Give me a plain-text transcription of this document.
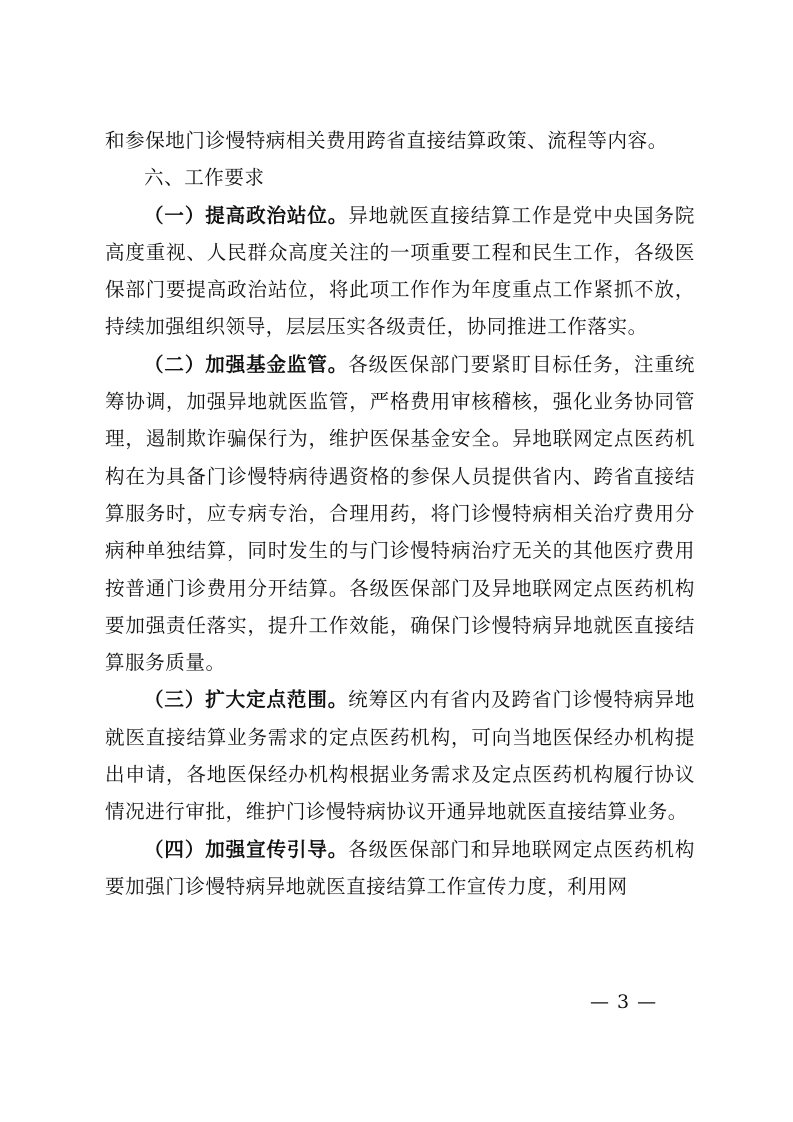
和参保地门诊慢特病相关费用跨省直接结算政策、流程等内容。

六、工作要求

（一）提高政治站位。异地就医直接结算工作是党中央国务院高度重视、人民群众高度关注的一项重要工程和民生工作，各级医保部门要提高政治站位，将此项工作作为年度重点工作紧抓不放，持续加强组织领导，层层压实各级责任，协同推进工作落实。

（二）加强基金监管。各级医保部门要紧盯目标任务，注重统筹协调，加强异地就医监管，严格费用审核稽核，强化业务协同管理，遏制欺诈骗保行为，维护医保基金安全。异地联网定点医药机构在为具备门诊慢特病待遇资格的参保人员提供省内、跨省直接结算服务时，应专病专治，合理用药，将门诊慢特病相关治疗费用分病种单独结算，同时发生的与门诊慢特病治疗无关的其他医疗费用按普通门诊费用分开结算。各级医保部门及异地联网定点医药机构要加强责任落实，提升工作效能，确保门诊慢特病异地就医直接结算服务质量。

（三）扩大定点范围。统筹区内有省内及跨省门诊慢特病异地就医直接结算业务需求的定点医药机构，可向当地医保经办机构提出申请，各地医保经办机构根据业务需求及定点医药机构履行协议情况进行审批，维护门诊慢特病协议开通异地就医直接结算业务。

（四）加强宣传引导。各级医保部门和异地联网定点医药机构要加强门诊慢特病异地就医直接结算工作宣传力度，利用网

— 3 —
